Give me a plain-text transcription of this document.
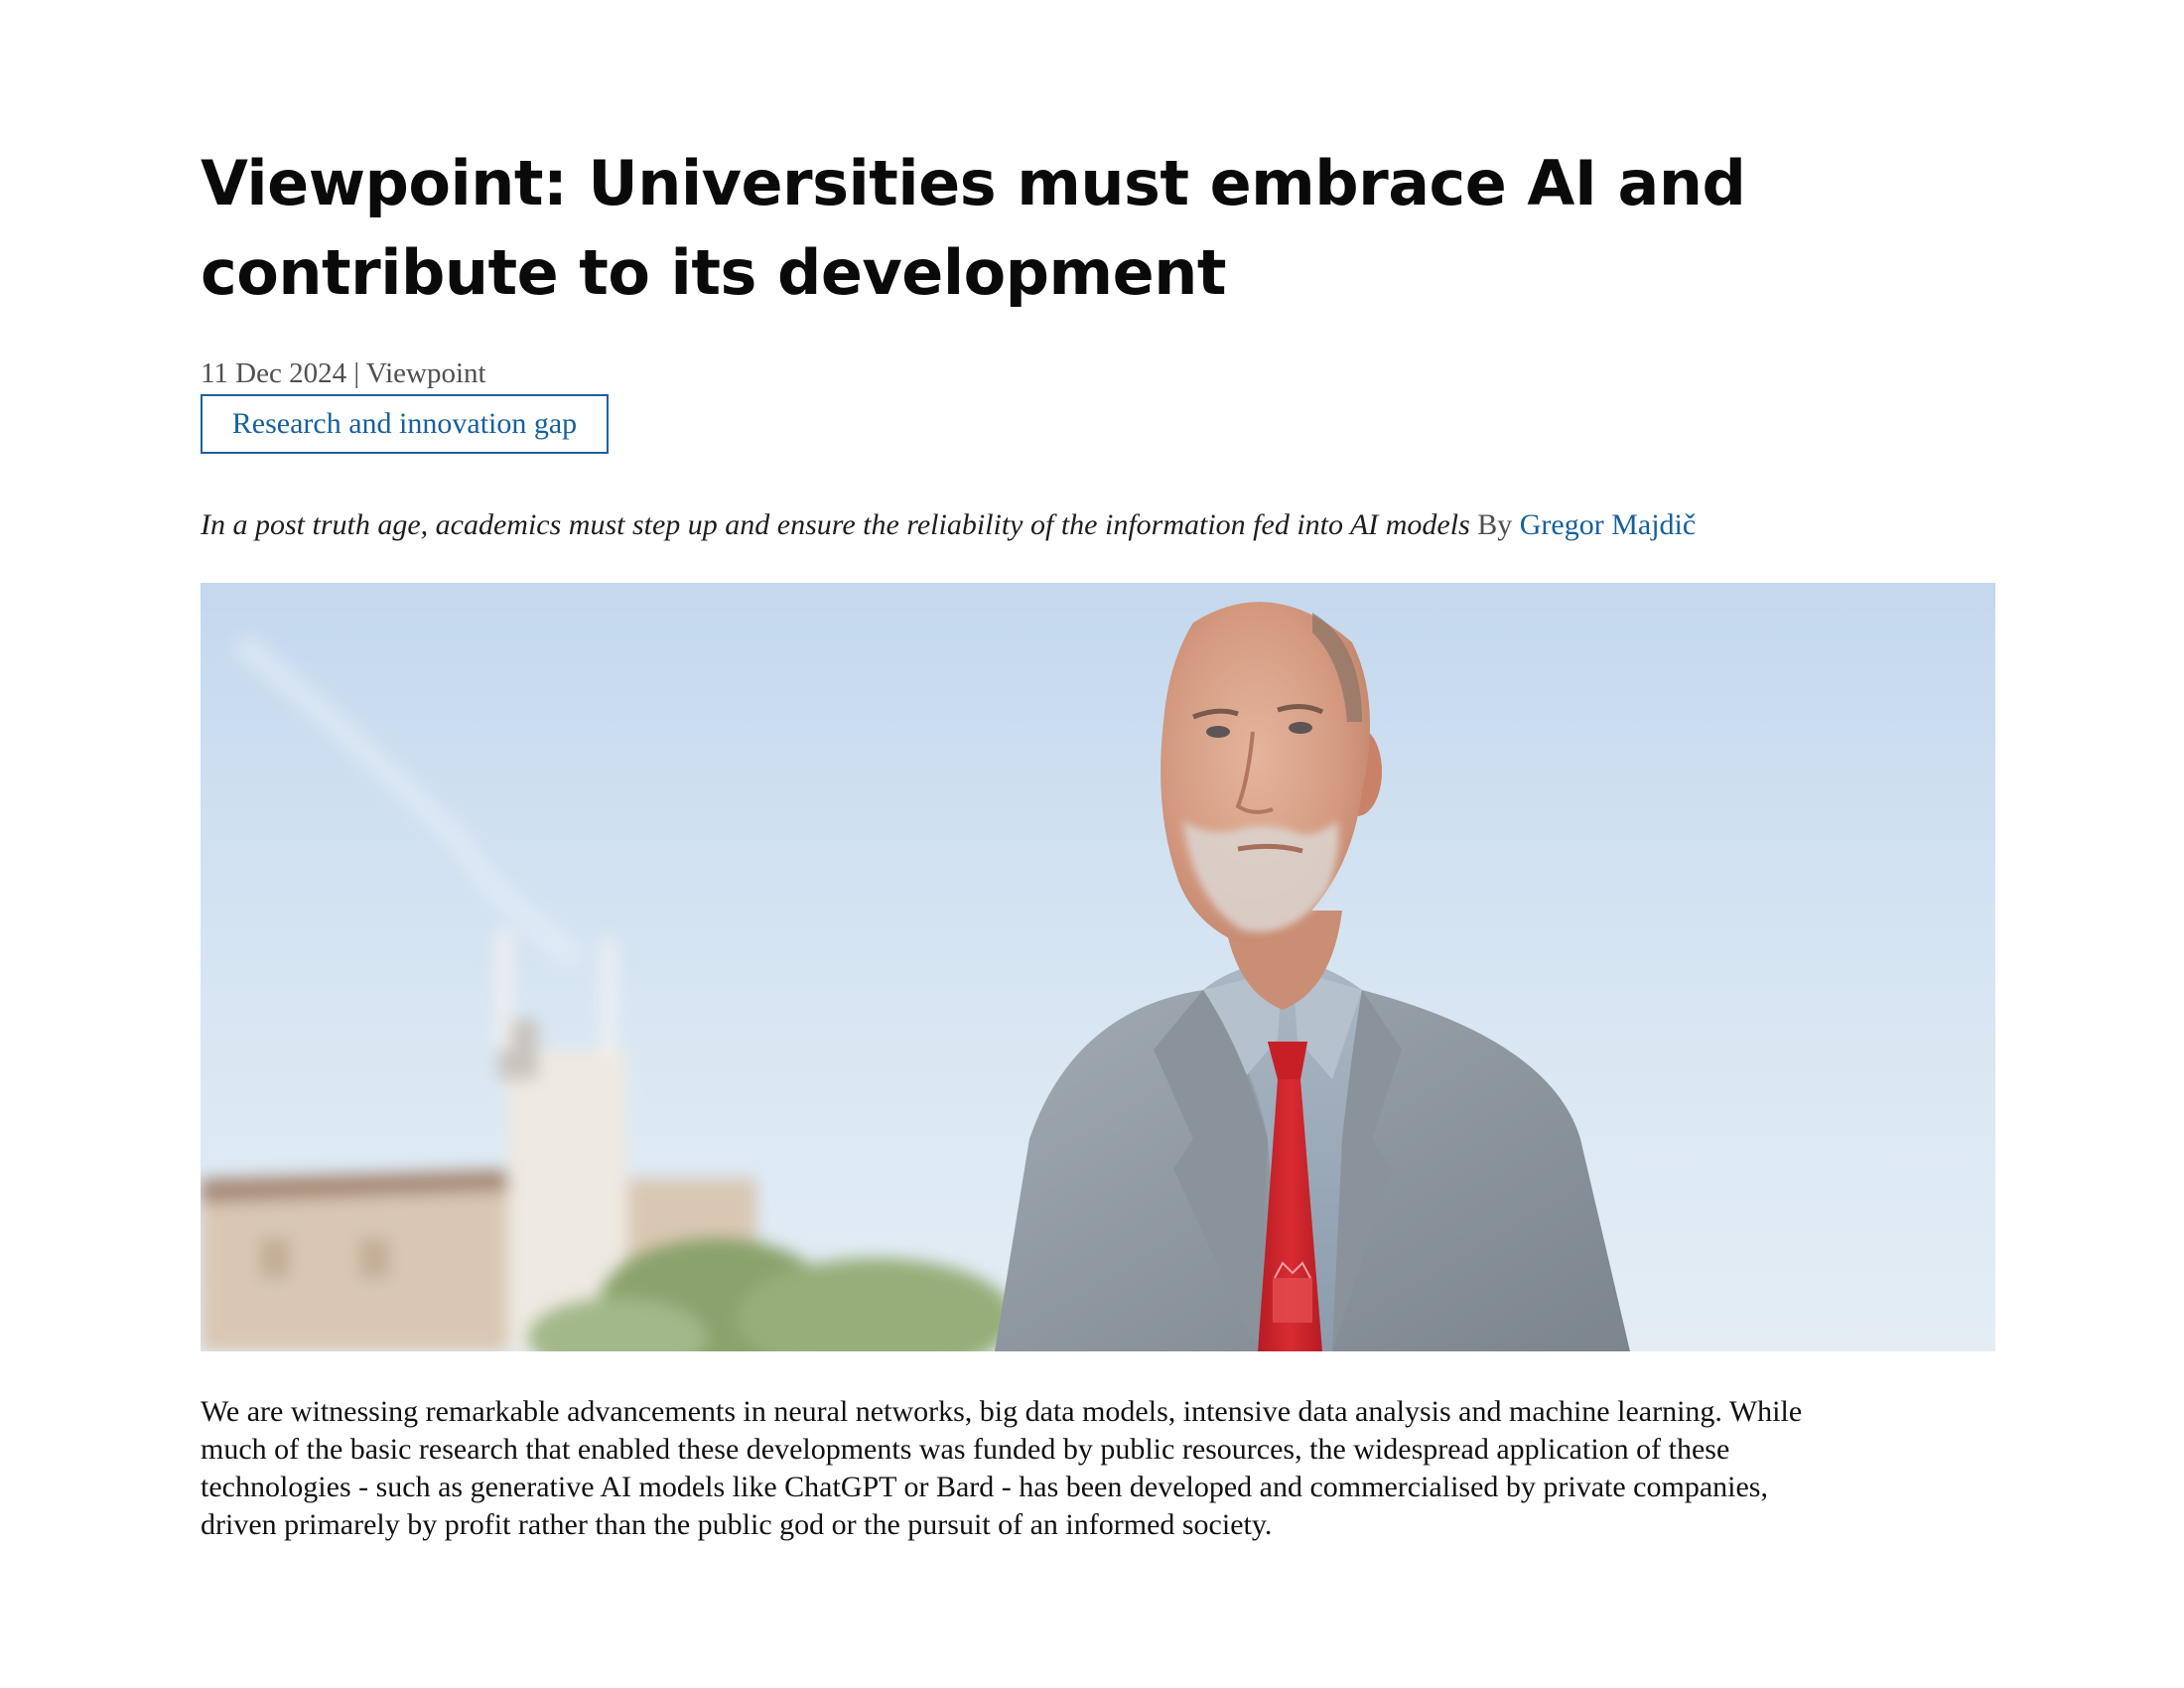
Viewpoint: Universities must embrace AI and
contribute to its development
11 Dec 2024 | Viewpoint
Research and innovation gap
In a post truth age, academics must step up and ensure the reliability of the information fed into AI models By Gregor Majdič

We are witnessing remarkable advancements in neural networks, big data models, intensive data analysis and machine learning. While
much of the basic research that enabled these developments was funded by public resources, the widespread application of these
technologies - such as generative AI models like ChatGPT or Bard - has been developed and commercialised by private companies,
driven primarely by profit rather than the public god or the pursuit of an informed society.
